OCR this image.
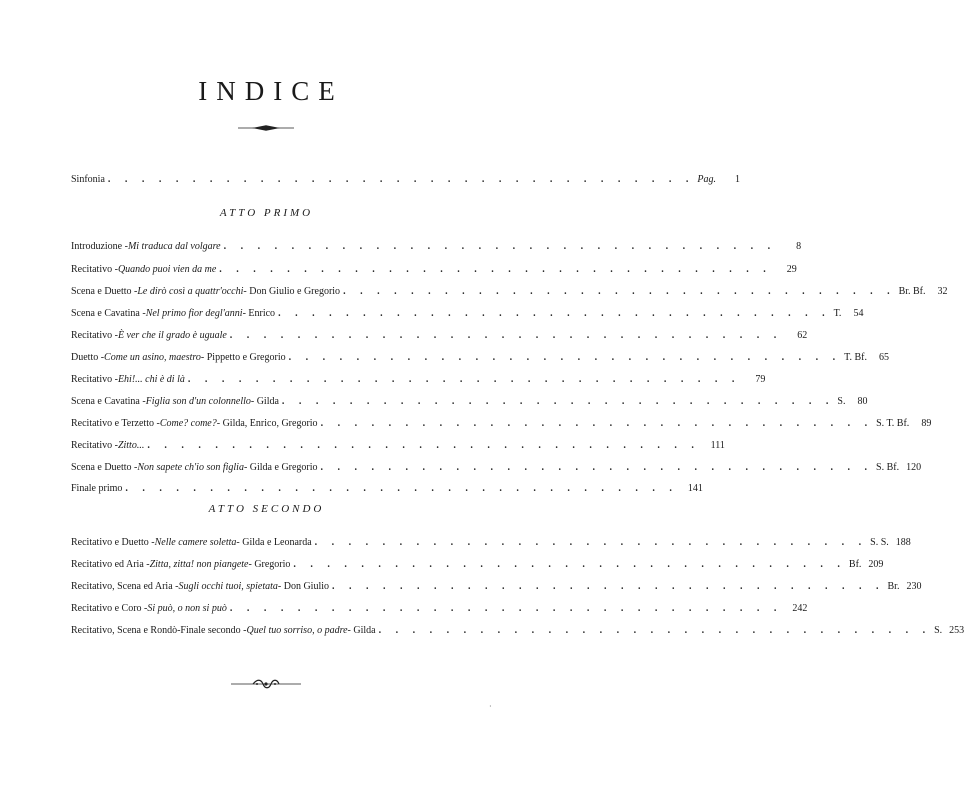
INDICE
Sinfonia . . . . . . . . . . . . . . . . . . . . . . . . . . . . . . . . . . . Pag.	1
ATTO PRIMO
Introduzione - Mi traduca dal volgare . . . . . . . . . . . . . . . . . . . . . . . . . . . . . . . . .	8
Recitativo - Quando puoi vien da me . . . . . . . . . . . . . . . . . . . . . . . . . . . . . . . . .	29
Scena e Duetto - Le dirò così a quattr'occhi - Don Giulio e Gregorio . . . . . . . . . . . . . . . . . . . . . . . . . . . . . . . . . Br. Bf.	32
Scena e Cavatina - Nel primo fior degl'anni - Enrico . . . . . . . . . . . . . . . . . . . . . . . . . . . . . . . . . T.	54
Recitativo - È ver che il grado è uguale . . . . . . . . . . . . . . . . . . . . . . . . . . . . . . . . .	62
Duetto - Come un asino, maestro - Pippetto e Gregorio . . . . . . . . . . . . . . . . . . . . . . . . . . . . . . . . . T. Bf.	65
Recitativo - Ehi!... chi è di là . . . . . . . . . . . . . . . . . . . . . . . . . . . . . . . . .	79
Scena e Cavatina - Figlia son d'un colonnello - Gilda . . . . . . . . . . . . . . . . . . . . . . . . . . . . . . . . . S.	80
Recitativo e Terzetto - Come? come? - Gilda, Enrico, Gregorio . . . . . . . . . . . . . . . . . . . . . . . . . . . . . . . . . S. T. Bf.	89
Recitativo - Zitto... . . . . . . . . . . . . . . . . . . . . . . . . . . . . . . . . . 111
Scena e Duetto - Non sapete ch'io son figlia - Gilda e Gregorio . . . . . . . . . . . . . . . . . . . . . . . . . . . . . . . . . S. Bf. 120
Finale primo . . . . . . . . . . . . . . . . . . . . . . . . . . . . . . . . . 141
ATTO SECONDO
Recitativo e Duetto - Nelle camere soletta - Gilda e Leonarda . . . . . . . . . . . . . . . . . . . . . . . . . . . . . . . . . S. S. 188
Recitativo ed Aria - Zitta, zitta! non piangete - Gregorio . . . . . . . . . . . . . . . . . . . . . . . . . . . . . . . . . Bf. 209
Recitativo, Scena ed Aria - Sugli occhi tuoi, spietata - Don Giulio . . . . . . . . . . . . . . . . . . . . . . . . . . . . . . . . . Br. 230
Recitativo e Coro - Si può, o non si può . . . . . . . . . . . . . . . . . . . . . . . . . . . . . . . . . 242
Recitativo, Scena e Rondò-Finale secondo - Quel tuo sorriso, o padre - Gilda . . . . . . . . . . . . . . . . . . . . . . . . . . . . . . . . . S. 253
·
